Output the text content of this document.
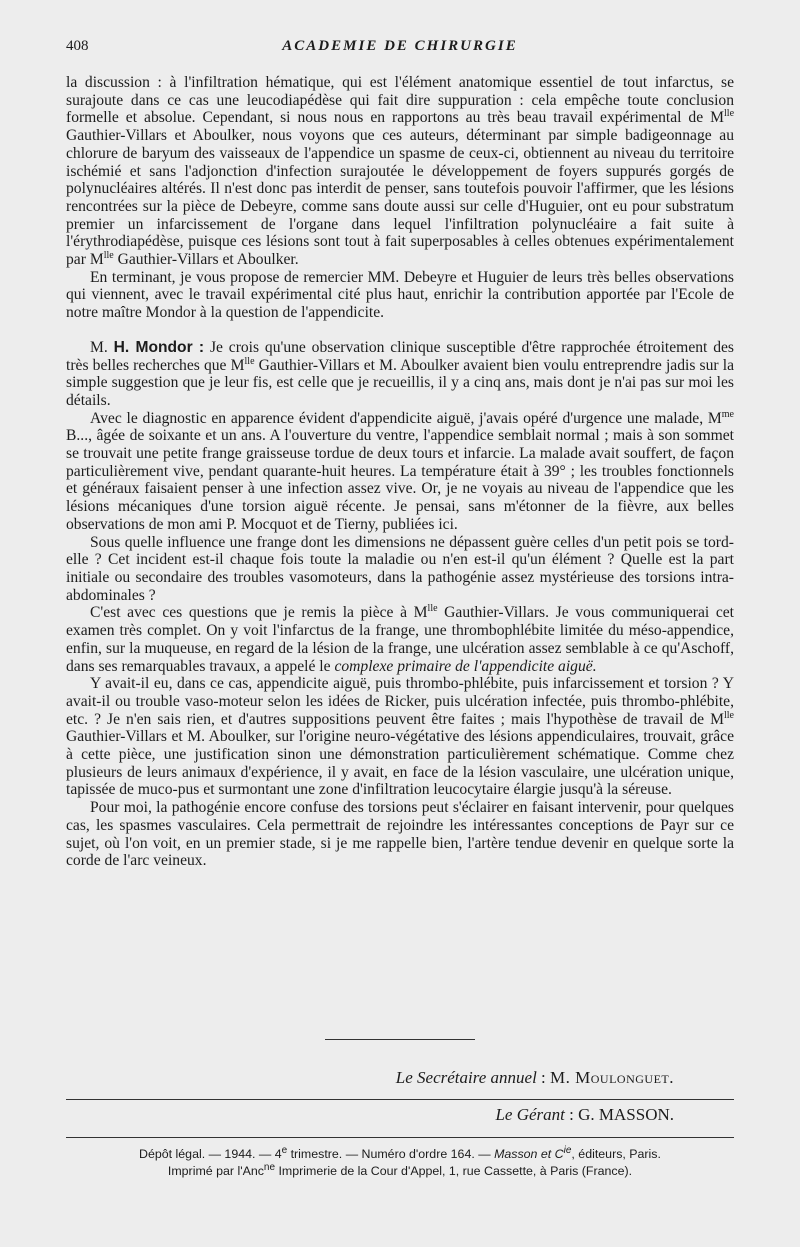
408	ACADEMIE DE CHIRURGIE

la discussion : à l'infiltration hématique, qui est l'élément anatomique essentiel de tout infarctus, se surajoute dans ce cas une leucodiapédèse qui fait dire suppuration : cela empêche toute conclusion formelle et absolue. Cependant, si nous nous en rapportons au très beau travail expérimental de $M^{lle}$ Gauthier-Villars et Aboulker, nous voyons que ces auteurs, déterminant par simple badigeonnage au chlorure de baryum des vaisseaux de l'appendice un spasme de ceux-ci, obtiennent au niveau du territoire ischémié et sans l'adjonction d'infection surajoutée le développement de foyers suppurés gorgés de polynucléaires altérés. Il n'est donc pas interdit de penser, sans toutefois pouvoir l'affirmer, que les lésions rencontrées sur la pièce de Debeyre, comme sans doute aussi sur celle d'Huguier, ont eu pour substratum premier un infarcissement de l'organe dans lequel l'infiltration polynucléaire a fait suite à l'érythrodiapédèse, puisque ces lésions sont tout à fait superposables à celles obtenues expérimentalement par $M^{lle}$ Gauthier-Villars et Aboulker.

En terminant, je vous propose de remercier MM. Debeyre et Huguier de leurs très belles observations qui viennent, avec le travail expérimental cité plus haut, enrichir la contribution apportée par l'Ecole de notre maître Mondor à la question de l'appendicite.

M. H. Mondor : Je crois qu'une observation clinique susceptible d'être rapprochée étroitement des très belles recherches que $M^{lle}$ Gauthier-Villars et M. Aboulker avaient bien voulu entreprendre jadis sur la simple suggestion que je leur fis, est celle que je recueillis, il y a cinq ans, mais dont je n'ai pas sur moi les détails.

Avec le diagnostic en apparence évident d'appendicite aiguë, j'avais opéré d'urgence une malade, $M^{me}$ B..., âgée de soixante et un ans. A l'ouverture du ventre, l'appendice semblait normal ; mais à son sommet se trouvait une petite frange graisseuse tordue de deux tours et infarcie. La malade avait souffert, de façon particulièrement vive, pendant quarante-huit heures. La température était à 39° ; les troubles fonctionnels et généraux faisaient penser à une infection assez vive. Or, je ne voyais au niveau de l'appendice que les lésions mécaniques d'une torsion aiguë récente. Je pensai, sans m'étonner de la fièvre, aux belles observations de mon ami P. Mocquot et de Tierny, publiées ici.

Sous quelle influence une frange dont les dimensions ne dépassent guère celles d'un petit pois se tord-elle ? Cet incident est-il chaque fois toute la maladie ou n'en est-il qu'un élément ? Quelle est la part initiale ou secondaire des troubles vasomoteurs, dans la pathogénie assez mystérieuse des torsions intra-abdominales ?

C'est avec ces questions que je remis la pièce à $M^{lle}$ Gauthier-Villars. Je vous communiquerai cet examen très complet. On y voit l'infarctus de la frange, une thrombophlébite limitée du méso-appendice, enfin, sur la muqueuse, en regard de la lésion de la frange, une ulcération assez semblable à ce qu'Aschoff, dans ses remarquables travaux, a appelé le complexe primaire de l'appendicite aiguë.

Y avait-il eu, dans ce cas, appendicite aiguë, puis thrombo-phlébite, puis infarcissement et torsion ? Y avait-il ou trouble vaso-moteur selon les idées de Ricker, puis ulcération infectée, puis thrombo-phlébite, etc. ? Je n'en sais rien, et d'autres suppositions peuvent être faites ; mais l'hypothèse de travail de $M^{lle}$ Gauthier-Villars et M. Aboulker, sur l'origine neuro-végétative des lésions appendiculaires, trouvait, grâce à cette pièce, une justification sinon une démonstration particulièrement schématique. Comme chez plusieurs de leurs animaux d'expérience, il y avait, en face de la lésion vasculaire, une ulcération unique, tapissée de muco-pus et surmontant une zone d'infiltration leucocytaire élargie jusqu'à la séreuse.

Pour moi, la pathogénie encore confuse des torsions peut s'éclairer en faisant intervenir, pour quelques cas, les spasmes vasculaires. Cela permettrait de rejoindre les intéressantes conceptions de Payr sur ce sujet, où l'on voit, en un premier stade, si je me rappelle bien, l'artère tendue devenir en quelque sorte la corde de l'arc veineux.

Le Secrétaire annuel : M. Moulonguet.
Le Gérant : G. MASSON.
Dépôt légal. — 1944. — 4e trimestre. — Numéro d'ordre 164. — Masson et $C^{ie}$, éditeurs, Paris.
Imprimé par l'Anc$^{ne}$ Imprimerie de la Cour d'Appel, 1, rue Cassette, à Paris (France).
